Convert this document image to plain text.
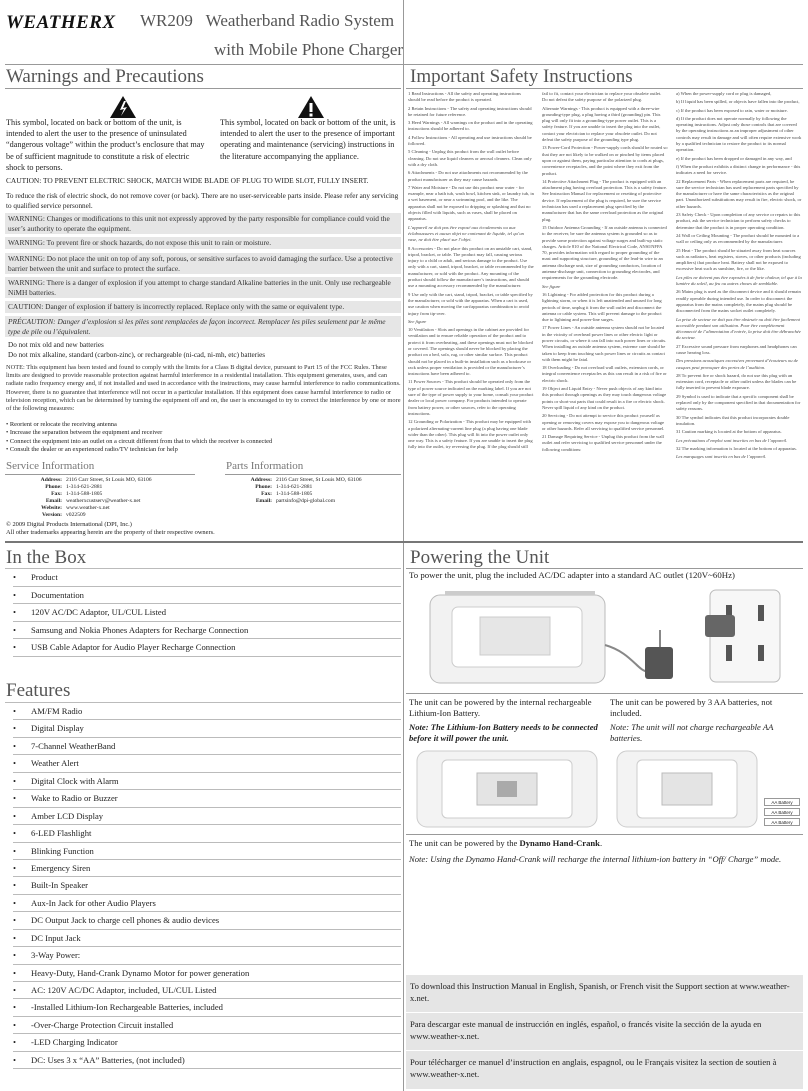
WEATHERX WR209 Weatherband Radio System
with Mobile Phone Charger
Warnings and Precautions
This symbol, located on back or bottom of the unit, is intended to alert the user to the presence of uninsulated “dangerous voltage” within the product’s enclosure that may be of sufficient magnitude to constitute a risk of electric shock to persons.
This symbol, located on back or bottom of the unit, is intended to alert the user to the presence of important operating and maintenance (servicing) instructions in the literature accompanying the appliance.
CAUTION: TO PREVENT ELECTRIC SHOCK, MATCH WIDE BLADE OF PLUG TO WIDE SLOT, FULLY INSERT.
To reduce the risk of electric shock, do not remove cover (or back). There are no user-serviceable parts inside. Please refer any servicing to qualified service personnel.
WARNING: Changes or modifications to this unit not expressly approved by the party responsible for compliance could void the user’s authority to operate the equipment.
WARNING: To prevent fire or shock hazards, do not expose this unit to rain or moisture.
WARNING: Do not place the unit on top of any soft, porous, or sensitive surfaces to avoid damaging the surface. Use a protective barrier between the unit and surface to protect the surface.
WARNING: There is a danger of explosion if you attempt to charge standard Alkaline batteries in the unit. Only use rechargeable NiMH batteries.
CAUTION: Danger of explosion if battery is incorrectly replaced. Replace only with the same or equivalent type.
PRÉCAUTION: Danger d’explosion si les piles sont remplacées de façon incorrect. Remplacer les piles seulement par le même type de pile ou l’équivalent.
Do not mix old and new batteries
Do not mix alkaline, standard (carbon-zinc), or rechargeable (ni-cad, ni-mh, etc) batteries
NOTE: This equipment has been tested and found to comply with the limits for a Class B digital device, pursuant to Part 15 of the FCC Rules. These limits are designed to provide reasonable protection against harmful interference in a residential installation. This equipment generates, uses, and can radiate radio frequency energy and, if not installed and used in accordance with the instructions, may cause harmful interference to radio communications. However, there is no guarantee that interference will not occur in a particular installation. If this equipment does cause harmful interference to radio or television reception, which can be determined by turning the equipment off and on, the user is encouraged to try to correct the interference by one or more of the following measures:
• Reorient or relocate the receiving antenna
• Increase the separation between the equipment and receiver
• Connect the equipment into an outlet on a circuit different from that to which the receiver is connected
• Consult the dealer or an experienced radio/TV technician for help
Service Information
Address: 2116 Carr Street, St Louis MO, 63106
Phone: 1-314-621-2881
Fax: 1-314-588-1805
Email: weatherxcustserv@weather-x.net
Website: www.weather-x.net
Version: v022509
Parts Information
Address: 2116 Carr Street, St Louis MO, 63106
Phone: 1-314-621-2881
Fax: 1-314-588-1805
Email: partsinfo@dpi-global.com
© 2009 Digital Products International (DPI, Inc.)
All other trademarks appearing herein are the property of their respective owners.
Important Safety Instructions
1 Read Instructions - All the safety and operating instructions should be read before the product is operated.
2 Retain Instructions - The safety and operating instructions should be retained for future reference.
3 Heed Warnings - All warnings on the product and in the operating instructions should be adhered to.
4 Follow Instructions - All operating and use instructions should be followed.
5 Cleaning - Unplug this product from the wall outlet before cleaning. Do not use liquid cleaners or aerosol cleaners. Clean only with a dry cloth.
6 Attachments - Do not use attachments not recommended by the product manufacturer as they may cause hazards.
7 Water and Moisture - Do not use this product near water - for example, near a bath tub, wash bowl, kitchen sink, or laundry tub, in a wet basement, or near a swimming pool, and the like. The apparatus shall not be exposed to dripping or splashing and that no objects filled with liquids, such as vases, shall be placed on apparatus.
L’appareil ne doit pas être exposé aux écoulements ou aux éclaboussures et aucun objet ne contenant de liquide, tel qu’un vase, ne doit être placé sur l’objet.
8 Accessories - Do not place this product on an unstable cart, stand, tripod, bracket, or table. The product may fall, causing serious injury to a child or adult, and serious damage to the product. Use only with a cart, stand, tripod, bracket, or table recommended by the manufacturer, or sold with the product. Any mounting of the product should follow the manufacturer’s instructions, and should use a mounting accessory recommended by the manufacturer.
9 Use only with the cart, stand, tripod, bracket, or table specified by the manufacturer, or sold with the apparatus. When a cart is used, use caution when moving the cart/apparatus combination to avoid injury from tip-over.
See figure
10 Ventilation - Slots and openings in the cabinet are provided for ventilation and to ensure reliable operation of the product and to protect it from overheating, and these openings must not be blocked or covered. The openings should never be blocked by placing the product on a bed, sofa, rug, or other similar surface. This product should not be placed in a built-in installation such as a bookcase or rack unless proper ventilation is provided or the manufacturer’s instructions have been adhered to.
11 Power Sources - This product should be operated only from the type of power source indicated on the marking label. If you are not sure of the type of power supply to your home, consult your product dealer or local power company. For products intended to operate from battery power, or other sources, refer to the operating instructions.
12 Grounding or Polarization - This product may be equipped with a polarized alternating-current line plug (a plug having one blade wider than the other). This plug will fit into the power outlet only one way. This is a safety feature. If you are unable to insert the plug fully into the outlet, try reversing the plug. If the plug should still fail to fit, contact your electrician to replace your obsolete outlet. Do not defeat the safety purpose of the polarized plug.
Alternate Warnings - This product is equipped with a three-wire grounding-type plug, a plug having a third (grounding) pin. This plug will only fit into a grounding-type power outlet. This is a safety feature. If you are unable to insert the plug into the outlet, contact your electrician to replace your obsolete outlet. Do not defeat the safety purpose of the grounding type plug.
13 Power-Cord Protection - Power-supply cords should be routed so that they are not likely to be walked on or pinched by items placed upon or against them, paying particular attention to cords at plugs, convenience receptacles, and the point where they exit from the product.
14 Protective Attachment Plug - The product is equipped with an attachment plug having overload protection. This is a safety feature. See Instruction Manual for replacement or resetting of protective device. If replacement of the plug is required, be sure the service technician has used a replacement plug specified by the manufacturer that has the same overload protection as the original plug.
15 Outdoor Antenna Grounding - If an outside antenna is connected to the receiver, be sure the antenna system is grounded so as to provide some protection against voltage surges and built-up static charges. Article 810 of the National Electrical Code, ANSI/NFPA 70, provides information with regard to proper grounding of the mast and supporting structure, grounding of the lead-in wire to an antenna discharge unit, size of grounding conductors, location of antenna-discharge unit, connection to grounding electrodes, and requirements for the grounding electrode.
See figure
16 Lightning - For added protection for this product during a lightning storm, or when it is left unattended and unused for long periods of time, unplug it from the wall outlet and disconnect the antenna or cable system. This will prevent damage to the product due to lightning and power-line surges.
17 Power Lines - An outside antenna system should not be located in the vicinity of overhead power lines or other electric light or power circuits, or where it can fall into such power lines or circuits. When installing an outside antenna system, extreme care should be taken to keep from touching such power lines or circuits as contact with them might be fatal.
18 Overloading - Do not overload wall outlets, extension cords, or integral convenience receptacles as this can result in a risk of fire or electric shock.
19 Object and Liquid Entry - Never push objects of any kind into this product through openings as they may touch dangerous voltage points or short-out parts that could result in a fire or electric shock. Never spill liquid of any kind on the product.
20 Servicing - Do not attempt to service this product yourself as opening or removing covers may expose you to dangerous voltage or other hazards. Refer all servicing to qualified service personnel.
21 Damage Requiring Service - Unplug this product from the wall outlet and refer servicing to qualified service personnel under the following conditions:
a) When the power-supply cord or plug is damaged,
b) If liquid has been spilled, or objects have fallen into the product,
c) If the product has been exposed to rain, water or moisture.
d) If the product does not operate normally by following the operating instructions. Adjust only those controls that are covered by the operating instructions as an improper adjustment of other controls may result in damage and will often require extensive work by a qualified technician to restore the product to its normal operation.
e) If the product has been dropped or damaged in any way, and
f) When the product exhibits a distinct change in performance - this indicates a need for service.
22 Replacement Parts - When replacement parts are required, be sure the service technician has used replacement parts specified by the manufacturer or have the same characteristics as the original part. Unauthorized substitutions may result in fire, electric shock, or other hazards.
23 Safety Check - Upon completion of any service or repairs to this product, ask the service technician to perform safety checks to determine that the product is in proper operating condition.
24 Wall or Ceiling Mounting - The product should be mounted to a wall or ceiling only as recommended by the manufacturer.
25 Heat - The product should be situated away from heat sources such as radiators, heat registers, stoves, or other products (including amplifiers) that produce heat. Battery shall not be exposed to excessive heat such as sunshine, fire, or the like.
Les piles ne doivent pas être exposées à de forte chaleur, tel que à la lumière du soleil, au feu ou autres choses de semblable.
26 Mains plug is used as the disconnect device and it should remain readily operable during intended use. In order to disconnect the apparatus from the mains completely, the mains plug should be disconnected from the mains socket outlet completely.
La prise de secteur ne doit pas être obstruée ou doit être facilement accessible pendant son utilisation. Pour être complètement déconnecté de l’alimentation d’entrée, la prise doit être débranchée du secteur.
27 Excessive sound pressure from earphones and headphones can cause hearing loss.
Des pressions acoustiques excessives provenant d’écouteurs ou de casques peut provoquer des pertes de l’audition.
28 To prevent fire or shock hazard, do not use this plug with an extension cord, receptacle or other outlet unless the blades can be fully inserted to prevent blade exposure.
29 Symbol is used to indicate that a specific component shall be replaced only by the component specified in that documentation for safety reasons.
30 The symbol indicates that this product incorporates double insulation.
31 Caution marking is located at the bottom of apparatus.
Les précautions d’emploi sont inscrites en bas de l’appareil.
32 The marking information is located at the bottom of apparatus.
Les marquages sont inscrits en bas de l’appareil.
In the Box
• Product
• Documentation
• 120V AC/DC Adaptor, UL/CUL Listed
• Samsung and Nokia Phones Adapters for Recharge Connection
• USB Cable Adaptor for Audio Player Recharge Connection
Features
• AM/FM Radio
• Digital Display
• 7-Channel WeatherBand
• Weather Alert
• Digital Clock with Alarm
• Wake to Radio or Buzzer
• Amber LCD Display
• 6-LED Flashlight
• Blinking Function
• Emergency Siren
• Built-In Speaker
• Aux-In Jack for other Audio Players
• DC Output Jack to charge cell phones & audio devices
• DC Input Jack
• 3-Way Power:
• Heavy-Duty, Hand-Crank Dynamo Motor for power generation
• AC: 120V AC/DC Adaptor, included, UL/CUL Listed
• -Installed Lithium-Ion Rechargeable Batteries, included
• -Over-Charge Protection Circuit installed
• -LED Charging Indicator
• DC: Uses 3 x “AA” Batteries, (not included)
Powering the Unit
To power the unit, plug the included AC/DC adapter into a standard AC outlet (120V~60Hz)
The unit can be powered by the internal rechargeable Lithium-Ion Battery.
Note: The Lithium-Ion Battery needs to be connected before it will power the unit.
The unit can be powered by 3 AA batteries, not included.
Note: The unit will not charge rechargeable AA batteries.
AA Battery
AA Battery
AA Battery
The unit can be powered by the Dynamo Hand-Crank.
Note: Using the Dynamo Hand-Crank will recharge the internal lithium-ion battery in “Off/ Charge” mode.
To download this Instruction Manual in English, Spanish, or French visit the Support section at www.weather-x.net.
Para descargar este manual de instrucción en inglés, español, o francés visite la sección de la ayuda en www.weather-x.net.
Pour télécharger ce manuel d’instruction en anglais, espagnol, ou le Français visitez la section de soutien à www.weather-x.net.
